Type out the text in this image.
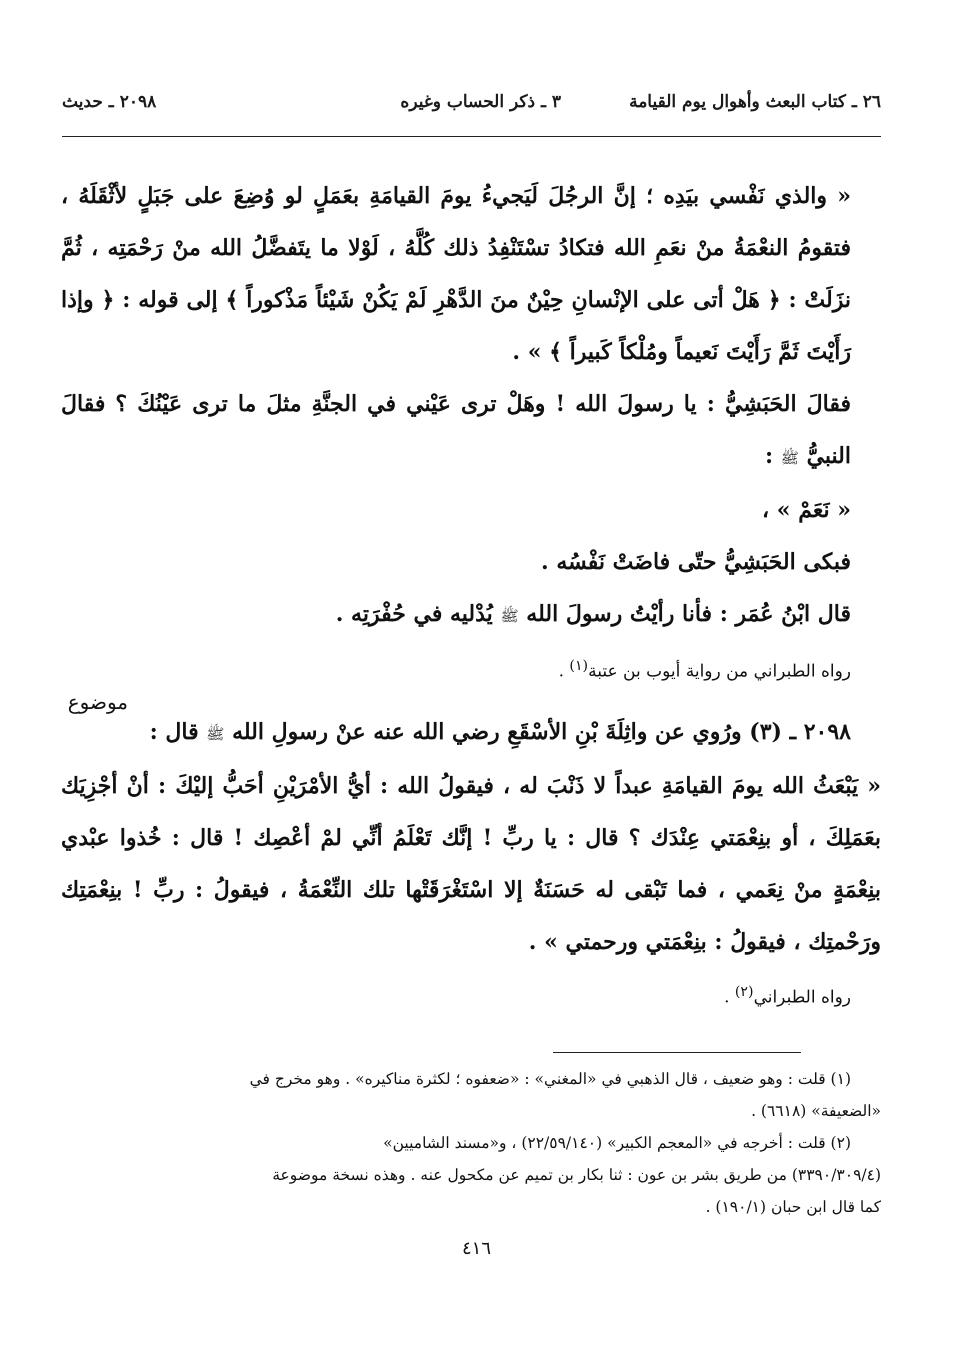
٢٦ ـ كتاب البعث وأهوال يوم القيامة
٣ ـ ذكر الحساب وغيره
٢٠٩٨ ـ حديث
موضوع

« والذي نَفْسي بيَدِه ؛ إنَّ الرجُلَ لَيَجيءُ يومَ القيامَةِ بعَمَلٍ لو وُضِعَ على جَبَلٍ لأثْقَلَهُ ، فتقومُ النعْمَةُ منْ نعَمِ الله فتكادُ تسْتَنْفِدُ ذلك كُلَّهُ ، لَوْلا ما يتَفضَّلُ الله منْ رَحْمَتِه ، ثُمَّ نزَلَتْ : ﴿ هَلْ أتى على الإنْسانِ حِيْنٌ منَ الدَّهْرِ لَمْ يَكُنْ شَيْئاً مَذْكوراً ﴾ إلى قوله : ﴿ وإذا رَأَيْتَ ثَمَّ رَأَيْتَ نَعيماً ومُلْكاً كَبيراً ﴾ » .

فقالَ الحَبَشِيُّ : يا رسولَ الله ! وهَلْ ترى عَيْني في الجنَّةِ مثلَ ما ترى عَيْنُكَ ؟ فقالَ النبيُّ ﷺ :

« نَعَمْ » ،

فبكى الحَبَشِيُّ حتّى فاضَتْ نَفْسُه .

قال ابْنُ عُمَر : فأنا رأيْتُ رسولَ الله ﷺ يُدْليه في حُفْرَتِه .

رواه الطبراني من رواية أيوب بن عتبة$^{(١)}$ .

٢٠٩٨ ـ (٣) ورُوي عن واثِلَةَ بْنِ الأسْقَعِ رضي الله عنه عنْ رسولِ الله ﷺ قال :

« يَبْعَثُ الله يومَ القيامَةِ عبداً لا ذَنْبَ له ، فيقولُ الله : أيُّ الأمْرَيْنِ أحَبُّ إليْكَ : أنْ أجْزِيَك بعَمَلِكَ ، أو بنِعْمَتي عِنْدَك ؟ قال : يا ربِّ ! إنَّك تَعْلَمُ أنِّي لمْ أعْصِك ! قال : خُذوا عبْدي بنِعْمَةٍ منْ نِعَمي ، فما تَبْقى له حَسَنَةٌ إلا اسْتَغْرَقَتْها تلك النِّعْمَةُ ، فيقولُ : ربِّ ! بنِعْمَتِك ورَحْمتِك ، فيقولُ : بنِعْمَتي ورحمتي » .

رواه الطبراني$^{(٢)}$ .

(١) قلت : وهو ضعيف ، قال الذهبي في «المغني» : «ضعفوه ؛ لكثرة مناكيره» . وهو مخرج في

«الضعيفة» (٦٦١٨) .

(٢) قلت : أخرجه في «المعجم الكبير» (٢٢/٥٩/١٤٠) ، و«مسند الشاميين»

(٣٣٩٠/٣٠٩/٤) من طريق بشر بن عون : ثنا بكار بن تميم عن مكحول عنه . وهذه نسخة موضوعة

كما قال ابن حبان (١٩٠/١) .

٤١٦
